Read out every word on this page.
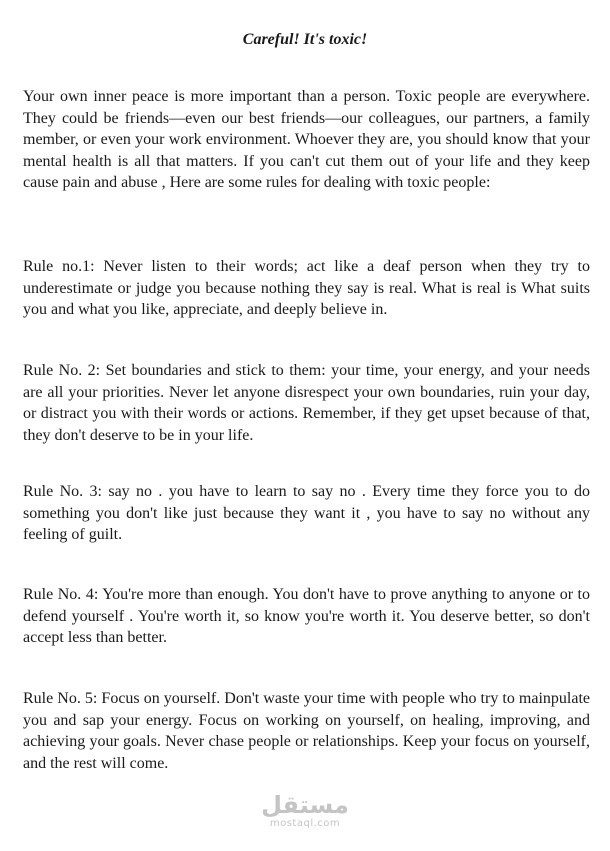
Careful! It's toxic!

Your own inner peace is more important than a person. Toxic people are everywhere. They could be friends—even our best friends—our colleagues, our partners, a family member, or even your work environment. Whoever they are, you should know that your mental health is all that matters. If you can't cut them out of your life and they keep cause pain and abuse , Here are some rules for dealing with toxic people:

Rule no.1: Never listen to their words; act like a deaf person when they try to underestimate or judge you because nothing they say is real. What is real is What suits you and what you like, appreciate, and deeply believe in.

Rule No. 2: Set boundaries and stick to them: your time, your energy, and your needs are all your priorities. Never let anyone disrespect your own boundaries, ruin your day, or distract you with their words or actions. Remember, if they get upset because of that, they don't deserve to be in your life.

Rule No. 3: say no . you have to learn to say no . Every time they force you to do something you don't like just because they want it , you have to say no without any feeling of guilt.

Rule No. 4: You're more than enough. You don't have to prove anything to anyone or to defend yourself . You're worth it, so know you're worth it. You deserve better, so don't accept less than better.

Rule No. 5: Focus on yourself. Don't waste your time with people who try to mainpulate you and sap your energy. Focus on working on yourself, on healing, improving, and achieving your goals. Never chase people or relationships. Keep your focus on yourself, and the rest will come.

مستقل
mostaql.com
